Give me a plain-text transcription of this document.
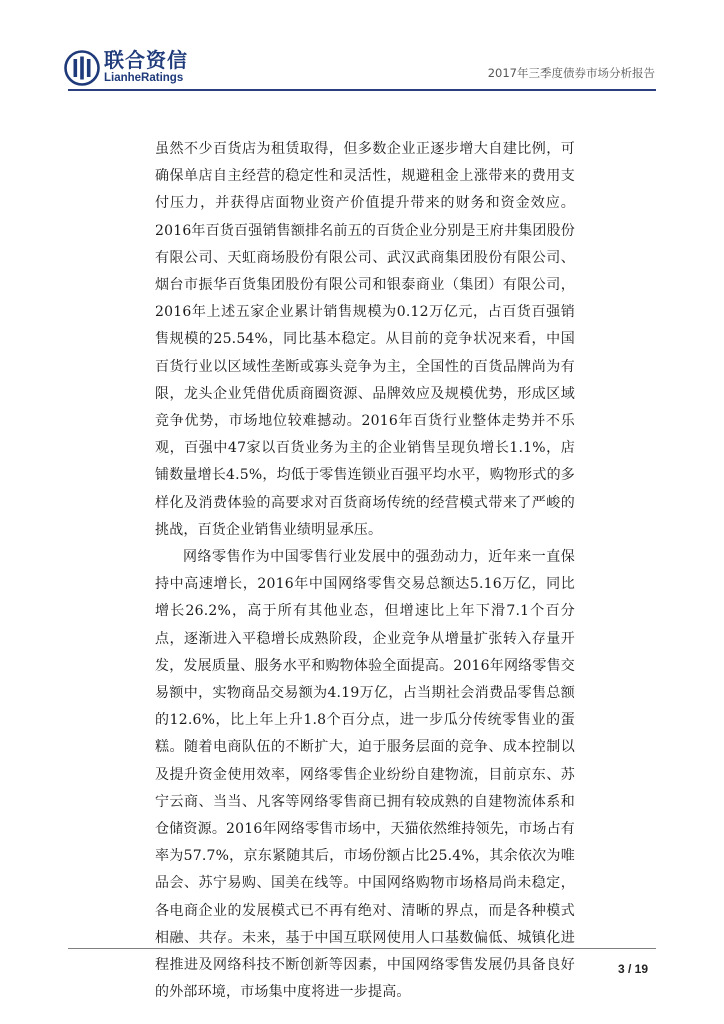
联合资信
LianheRatings	2017年三季度债券市场分析报告

虽然不少百货店为租赁取得，但多数企业正逐步增大自建比例，可确保单店自主经营的稳定性和灵活性，规避租金上涨带来的费用支付压力，并获得店面物业资产价值提升带来的财务和资金效应。2016年百货百强销售额排名前五的百货企业分别是王府井集团股份有限公司、天虹商场股份有限公司、武汉武商集团股份有限公司、烟台市振华百货集团股份有限公司和银泰商业（集团）有限公司，2016年上述五家企业累计销售规模为0.12万亿元，占百货百强销售规模的25.54%，同比基本稳定。从目前的竞争状况来看，中国百货行业以区域性垄断或寡头竞争为主，全国性的百货品牌尚为有限，龙头企业凭借优质商圈资源、品牌效应及规模优势，形成区域竞争优势，市场地位较难撼动。2016年百货行业整体走势并不乐观，百强中47家以百货业务为主的企业销售呈现负增长1.1%，店铺数量增长4.5%，均低于零售连锁业百强平均水平，购物形式的多样化及消费体验的高要求对百货商场传统的经营模式带来了严峻的挑战，百货企业销售业绩明显承压。

网络零售作为中国零售行业发展中的强劲动力，近年来一直保持中高速增长，2016年中国网络零售交易总额达5.16万亿，同比增长26.2%，高于所有其他业态，但增速比上年下滑7.1个百分点，逐渐进入平稳增长成熟阶段，企业竞争从增量扩张转入存量开发，发展质量、服务水平和购物体验全面提高。2016年网络零售交易额中，实物商品交易额为4.19万亿，占当期社会消费品零售总额的12.6%，比上年上升1.8个百分点，进一步瓜分传统零售业的蛋糕。随着电商队伍的不断扩大，迫于服务层面的竞争、成本控制以及提升资金使用效率，网络零售企业纷纷自建物流，目前京东、苏宁云商、当当、凡客等网络零售商已拥有较成熟的自建物流体系和仓储资源。2016年网络零售市场中，天猫依然维持领先，市场占有率为57.7%，京东紧随其后，市场份额占比25.4%，其余依次为唯品会、苏宁易购、国美在线等。中国网络购物市场格局尚未稳定，各电商企业的发展模式已不再有绝对、清晰的界点，而是各种模式相融、共存。未来，基于中国互联网使用人口基数偏低、城镇化进程推进及网络科技不断创新等因素，中国网络零售发展仍具备良好的外部环境，市场集中度将进一步提高。

3 / 19
